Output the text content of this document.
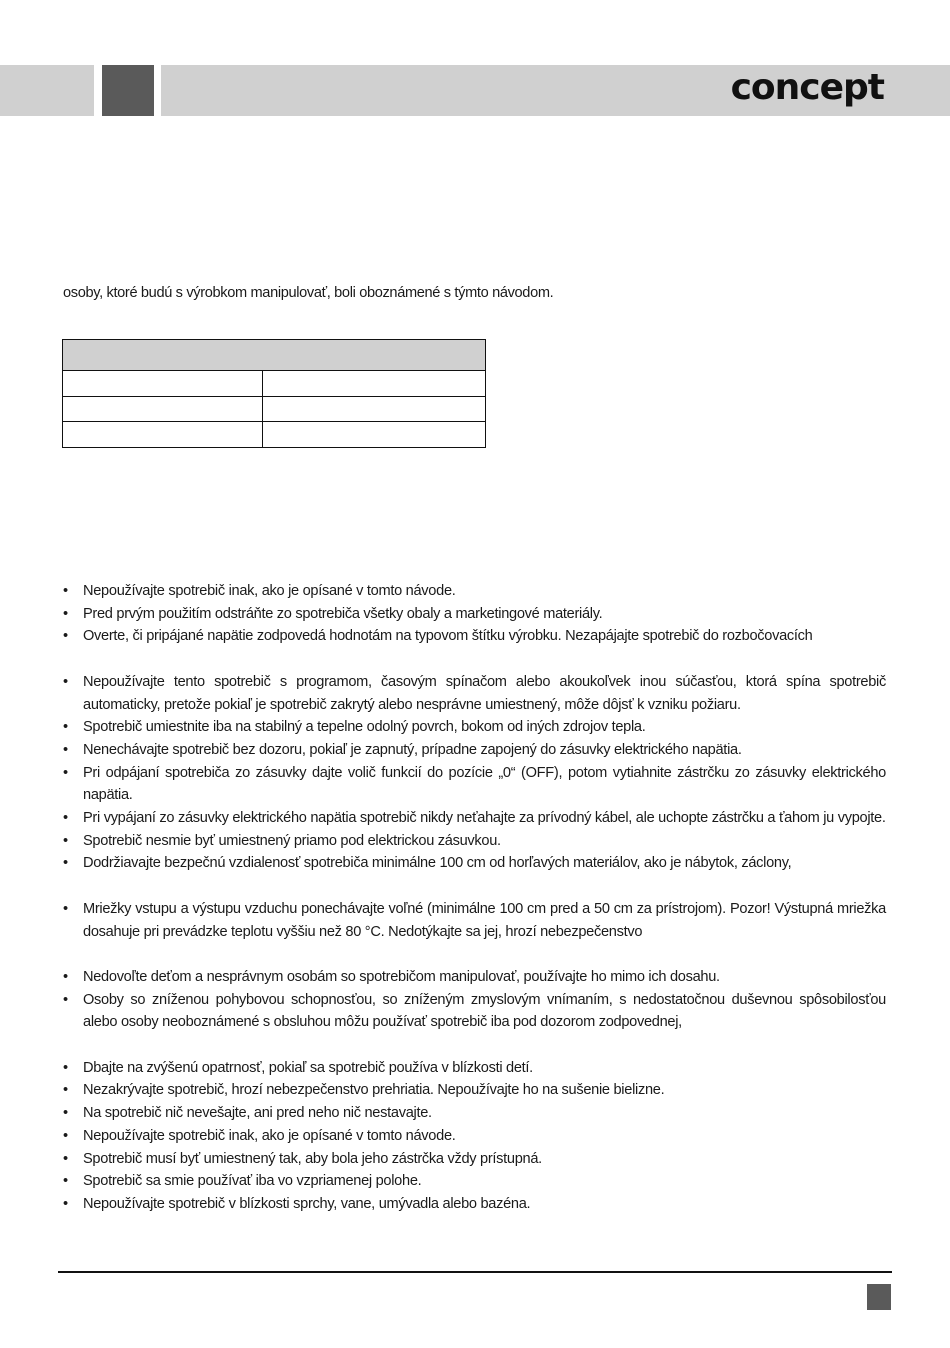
concept

osoby, ktoré budú s výrobkom manipulovať, boli oboznámené s týmto návodom.

• Nepoužívajte spotrebič inak, ako je opísané v tomto návode.
• Pred prvým použitím odstráňte zo spotrebiča všetky obaly a marketingové materiály.
• Overte, či pripájané napätie zodpovedá hodnotám na typovom štítku výrobku. Nezapájajte spotrebič do rozbočovacích
• Nepoužívajte tento spotrebič s programom, časovým spínačom alebo akoukoľvek inou súčasťou, ktorá spína spotrebič automaticky, pretože pokiaľ je spotrebič zakrytý alebo nesprávne umiestnený, môže dôjsť k vzniku požiaru.
• Spotrebič umiestnite iba na stabilný a tepelne odolný povrch, bokom od iných zdrojov tepla.
• Nenechávajte spotrebič bez dozoru, pokiaľ je zapnutý, prípadne zapojený do zásuvky elektrického napätia.
• Pri odpájaní spotrebiča zo zásuvky dajte volič funkcií do pozície „0“ (OFF), potom vytiahnite zástrčku zo zásuvky elektrického napätia.
• Pri vypájaní zo zásuvky elektrického napätia spotrebič nikdy neťahajte za prívodný kábel, ale uchopte zástrčku a ťahom ju vypojte.
• Spotrebič nesmie byť umiestnený priamo pod elektrickou zásuvkou.
• Dodržiavajte bezpečnú vzdialenosť spotrebiča minimálne 100 cm od horľavých materiálov, ako je nábytok, záclony,
• Mriežky vstupu a výstupu vzduchu ponechávajte voľné (minimálne 100 cm pred a 50 cm za prístrojom). Pozor! Výstupná mriežka dosahuje pri prevádzke teplotu vyššiu než 80 °C. Nedotýkajte sa jej, hrozí nebezpečenstvo
• Nedovoľte deťom a nesprávnym osobám so spotrebičom manipulovať, používajte ho mimo ich dosahu.
• Osoby so zníženou pohybovou schopnosťou, so zníženým zmyslovým vnímaním, s nedostatočnou duševnou spôsobilosťou alebo osoby neoboznámené s obsluhou môžu používať spotrebič iba pod dozorom zodpovednej,
• Dbajte na zvýšenú opatrnosť, pokiaľ sa spotrebič používa v blízkosti detí.
• Nezakrývajte spotrebič, hrozí nebezpečenstvo prehriatia. Nepoužívajte ho na sušenie bielizne.
• Na spotrebič nič nevešajte, ani pred neho nič nestavajte.
• Nepoužívajte spotrebič inak, ako je opísané v tomto návode.
• Spotrebič musí byť umiestnený tak, aby bola jeho zástrčka vždy prístupná.
• Spotrebič sa smie používať iba vo vzpriamenej polohe.
• Nepoužívajte spotrebič v blízkosti sprchy, vane, umývadla alebo bazéna.
